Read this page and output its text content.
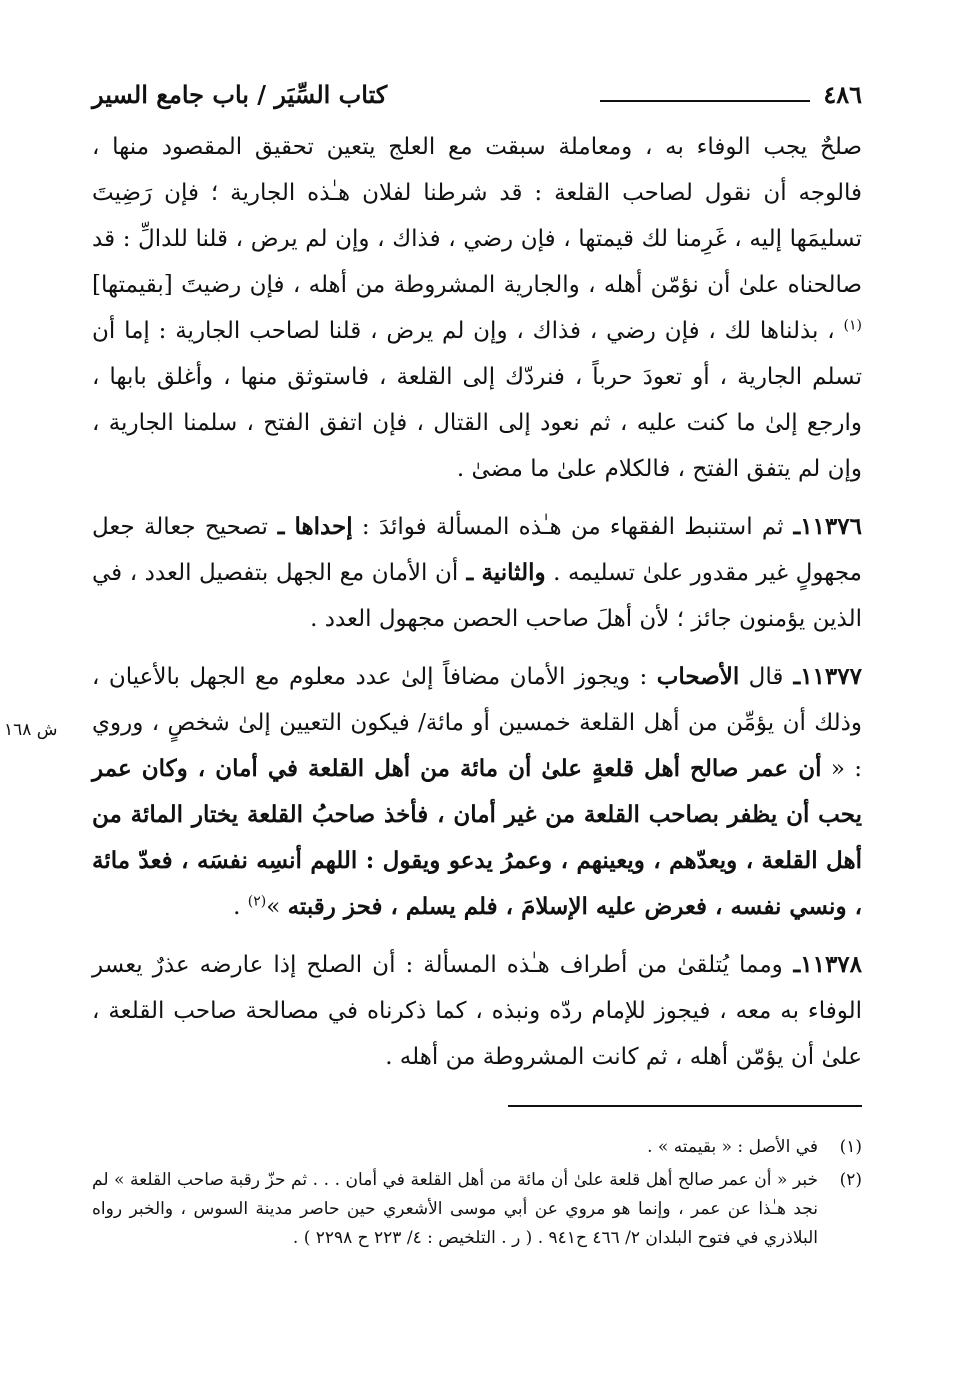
٤٨٦
كتاب السِّيَر / باب جامع السير

صلحٌ يجب الوفاء به ، ومعاملة سبقت مع العلج يتعين تحقيق المقصود منها ، فالوجه أن نقول لصاحب القلعة : قد شرطنا لفلان هـٰذه الجارية ؛ فإن رَضِيتَ تسليمَها إليه ، غَرِمنا لك قيمتها ، فإن رضي ، فذاك ، وإن لم يرض ، قلنا للدالِّ : قد صالحناه علىٰ أن نؤمّن أهله ، والجارية المشروطة من أهله ، فإن رضيتَ [بقيمتها]$^{(١)}$ ، بذلناها لك ، فإن رضي ، فذاك ، وإن لم يرض ، قلنا لصاحب الجارية : إما أن تسلم الجارية ، أو تعودَ حرباً ، فنردّك إلى القلعة ، فاستوثق منها ، وأغلق بابها ، وارجع إلىٰ ما كنت عليه ، ثم نعود إلى القتال ، فإن اتفق الفتح ، سلمنا الجارية ، وإن لم يتفق الفتح ، فالكلام علىٰ ما مضىٰ .

١١٣٧٦ـ ثم استنبط الفقهاء من هـٰذه المسألة فوائدَ : إحداها ـ تصحيح جعالة جعل مجهولٍ غير مقدور علىٰ تسليمه . والثانية ـ أن الأمان مع الجهل بتفصيل العدد ، في الذين يؤمنون جائز ؛ لأن أهلَ صاحب الحصن مجهول العدد .

١١٣٧٧ـ قال الأصحاب : ويجوز الأمان مضافاً إلىٰ عدد معلوم مع الجهل بالأعيان ، وذلك أن يؤمِّن من أهل القلعة خمسين أو مائة/ فيكون التعيين إلىٰ شخصٍ ، وروي : « أن عمر صالح أهل قلعةٍ علىٰ أن مائة من أهل القلعة في أمان ، وكان عمر يحب أن يظفر بصاحب القلعة من غير أمان ، فأخذ صاحبُ القلعة يختار المائة من أهل القلعة ، ويعدّهم ، ويعينهم ، وعمرُ يدعو ويقول : اللهم أنسِه نفسَه ، فعدّ مائة ، ونسي نفسه ، فعرض عليه الإسلامَ ، فلم يسلم ، فحز رقبته »$^{(٢)}$ .

١١٣٧٨ـ ومما يُتلقىٰ من أطراف هـٰذه المسألة : أن الصلح إذا عارضه عذرٌ يعسر الوفاء به معه ، فيجوز للإمام ردّه ونبذه ، كما ذكرناه في مصالحة صاحب القلعة ، علىٰ أن يؤمّن أهله ، ثم كانت المشروطة من أهله .

ش ١٦٨
(١)
في الأصل : « بقيمته » .
(٢)
خبر « أن عمر صالح أهل قلعة علىٰ أن مائة من أهل القلعة في أمان . . . ثم حزّ رقبة صاحب القلعة » لم نجد هـٰذا عن عمر ، وإنما هو مروي عن أبي موسى الأشعري حين حاصر مدينة السوس ، والخبر رواه البلاذري في فتوح البلدان ٢/ ٤٦٦ ح٩٤١ . ( ر . التلخيص : ٤/ ٢٢٣ ح ٢٢٩٨ ) .
